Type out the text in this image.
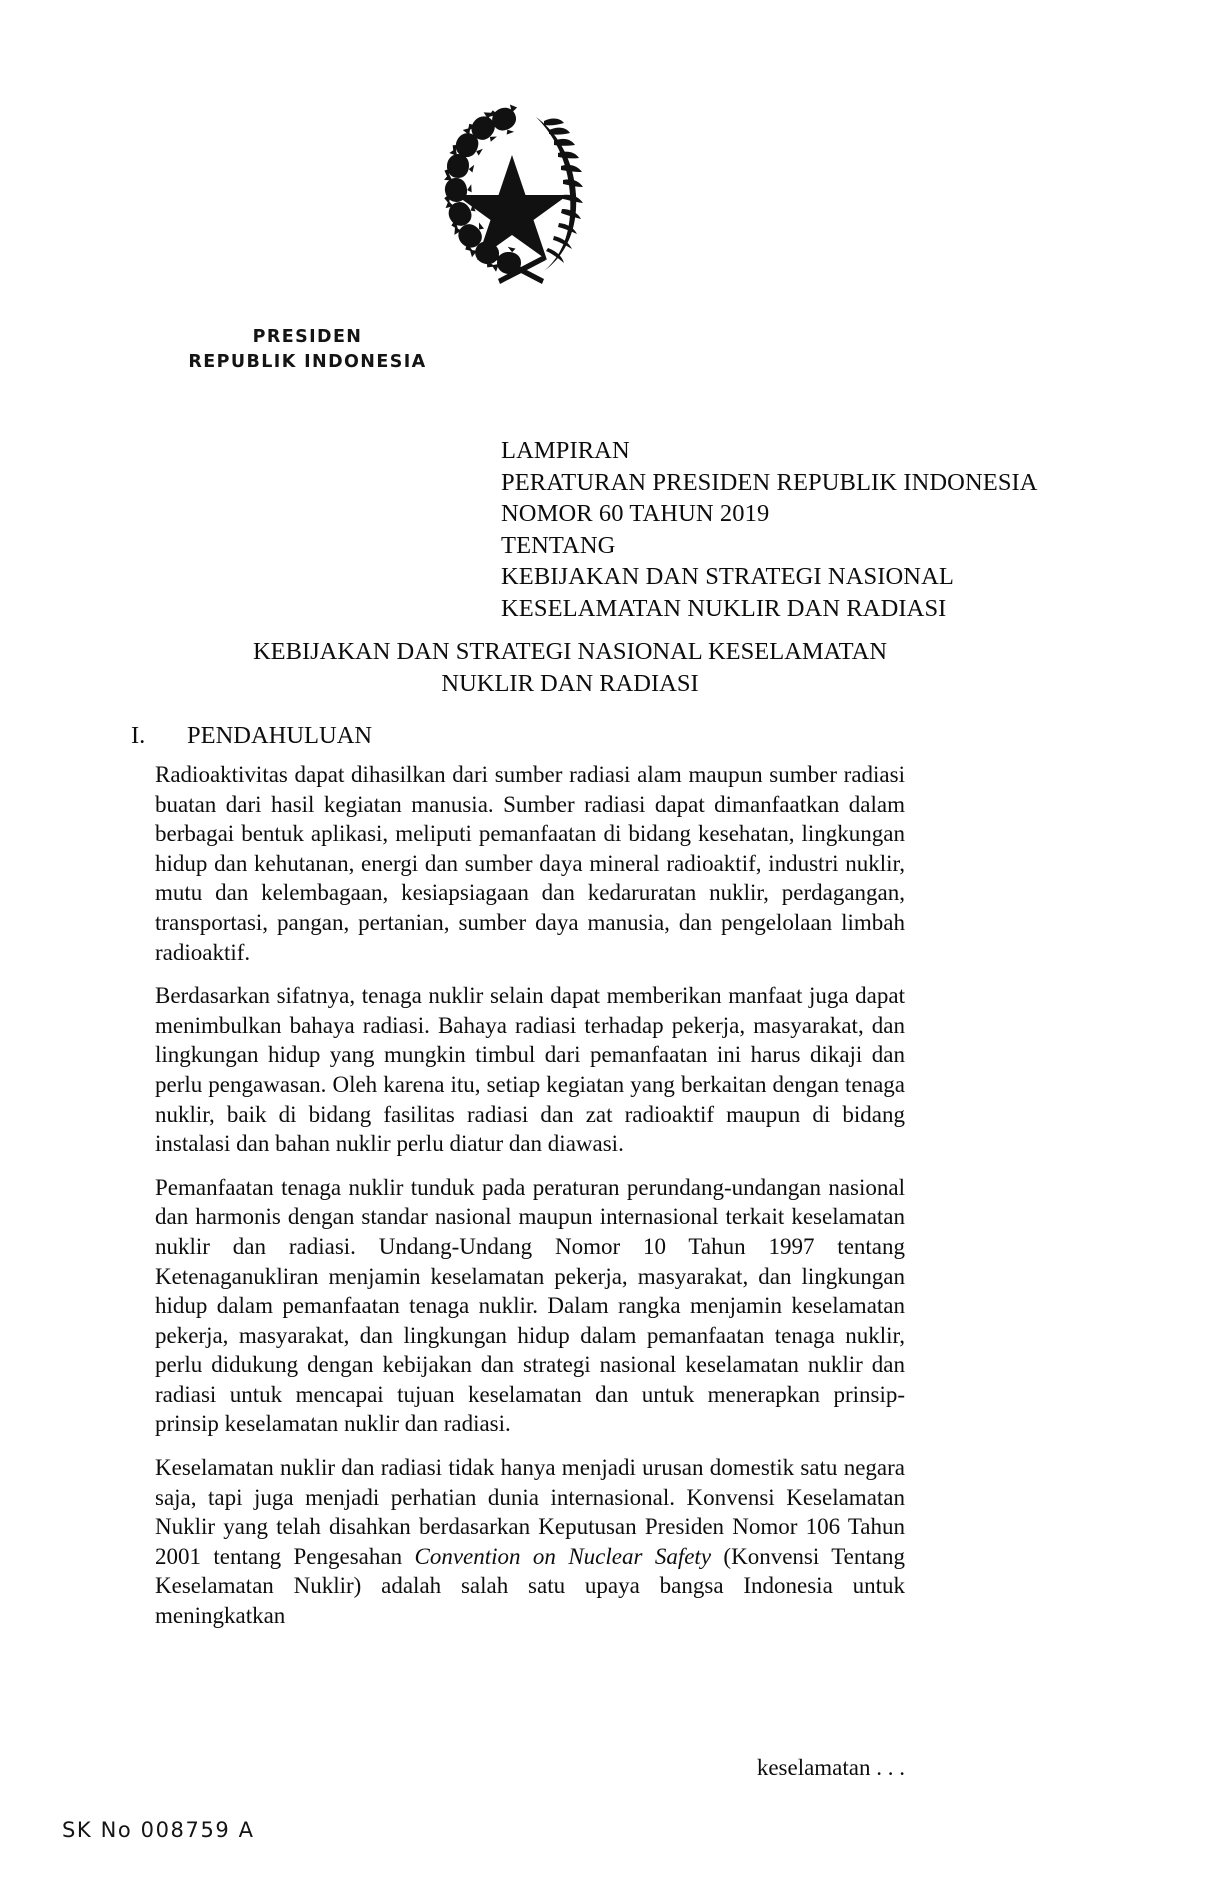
PRESIDEN
REPUBLIK INDONESIA
LAMPIRAN
PERATURAN PRESIDEN REPUBLIK INDONESIA
NOMOR 60 TAHUN 2019
TENTANG
KEBIJAKAN DAN STRATEGI NASIONAL
KESELAMATAN NUKLIR DAN RADIASI
KEBIJAKAN DAN STRATEGI NASIONAL KESELAMATAN
NUKLIR DAN RADIASI
I. PENDAHULUAN

Radioaktivitas dapat dihasilkan dari sumber radiasi alam maupun sumber radiasi buatan dari hasil kegiatan manusia. Sumber radiasi dapat dimanfaatkan dalam berbagai bentuk aplikasi, meliputi pemanfaatan di bidang kesehatan, lingkungan hidup dan kehutanan, energi dan sumber daya mineral radioaktif, industri nuklir, mutu dan kelembagaan, kesiapsiagaan dan kedaruratan nuklir, perdagangan, transportasi, pangan, pertanian, sumber daya manusia, dan pengelolaan limbah radioaktif.

Berdasarkan sifatnya, tenaga nuklir selain dapat memberikan manfaat juga dapat menimbulkan bahaya radiasi. Bahaya radiasi terhadap pekerja, masyarakat, dan lingkungan hidup yang mungkin timbul dari pemanfaatan ini harus dikaji dan perlu pengawasan. Oleh karena itu, setiap kegiatan yang berkaitan dengan tenaga nuklir, baik di bidang fasilitas radiasi dan zat radioaktif maupun di bidang instalasi dan bahan nuklir perlu diatur dan diawasi.

Pemanfaatan tenaga nuklir tunduk pada peraturan perundang-undangan nasional dan harmonis dengan standar nasional maupun internasional terkait keselamatan nuklir dan radiasi. Undang-Undang Nomor 10 Tahun 1997 tentang Ketenaganukliran menjamin keselamatan pekerja, masyarakat, dan lingkungan hidup dalam pemanfaatan tenaga nuklir. Dalam rangka menjamin keselamatan pekerja, masyarakat, dan lingkungan hidup dalam pemanfaatan tenaga nuklir, perlu didukung dengan kebijakan dan strategi nasional keselamatan nuklir dan radiasi untuk mencapai tujuan keselamatan dan untuk menerapkan prinsip-prinsip keselamatan nuklir dan radiasi.

Keselamatan nuklir dan radiasi tidak hanya menjadi urusan domestik satu negara saja, tapi juga menjadi perhatian dunia internasional. Konvensi Keselamatan Nuklir yang telah disahkan berdasarkan Keputusan Presiden Nomor 106 Tahun 2001 tentang Pengesahan Convention on Nuclear Safety (Konvensi Tentang Keselamatan Nuklir) adalah salah satu upaya bangsa Indonesia untuk meningkatkan

keselamatan . . .
SK No 008759 A
